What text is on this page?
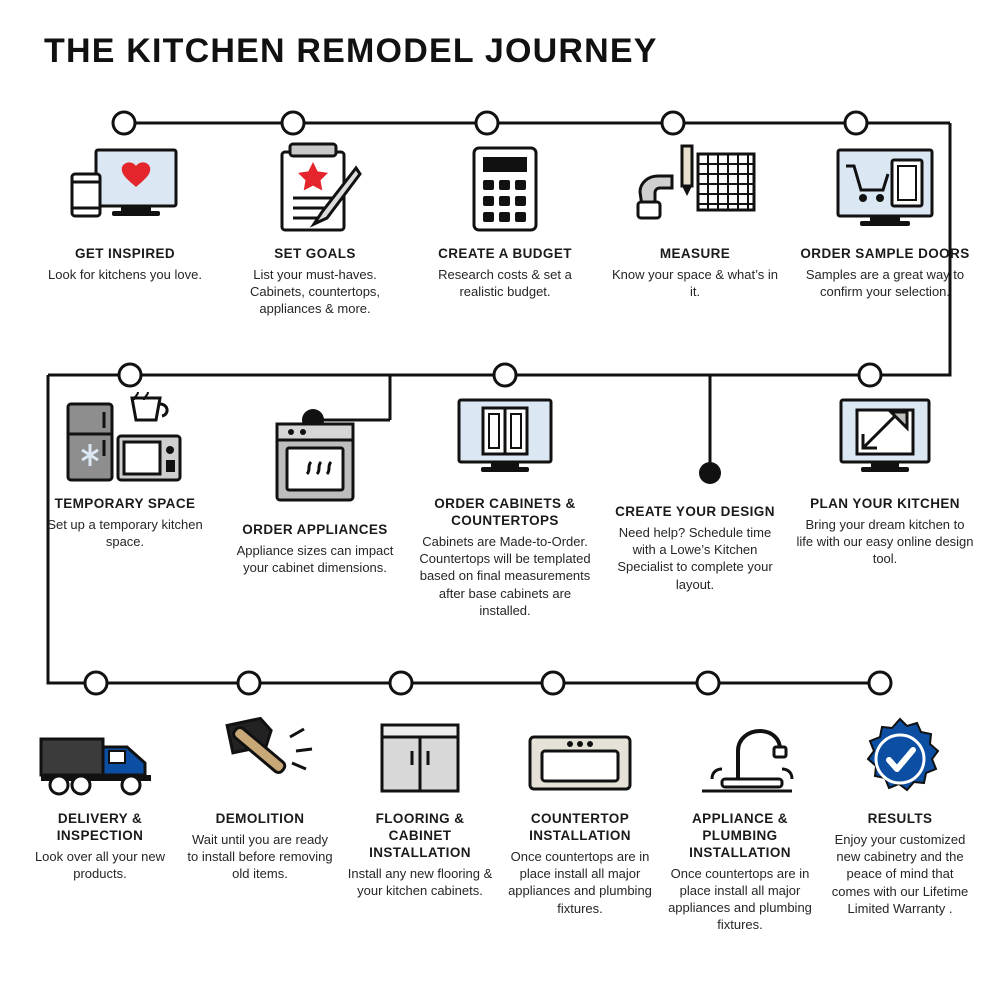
THE KITCHEN REMODEL JOURNEY
GET INSPIRED
Look for kitchens you love.
SET GOALS
List your must-haves. Cabinets, countertops, appliances & more.
CREATE A BUDGET
Research costs & set a realistic budget.
MEASURE
Know your space & what’s in it.
ORDER SAMPLE DOORS
Samples are a great way to confirm your selection.
TEMPORARY SPACE
Set up a temporary kitchen space.
ORDER APPLIANCES
Appliance sizes can impact your cabinet dimensions.
ORDER CABINETS & COUNTERTOPS
Cabinets are Made-to-Order. Countertops will be templated based on final measurements after base cabinets are installed.
CREATE YOUR DESIGN
Need help? Schedule time with a Lowe’s Kitchen Specialist to complete your layout.
PLAN YOUR KITCHEN
Bring your dream kitchen to life with our easy online design tool.
DELIVERY & INSPECTION
Look over all your new products.
DEMOLITION
Wait until you are ready to install before removing old items.
FLOORING & CABINET INSTALLATION
Install any new flooring & your kitchen cabinets.
COUNTERTOP INSTALLATION
Once countertops are in place install all major appliances and plumbing fixtures.
APPLIANCE & PLUMBING INSTALLATION
Once countertops are in place install all major appliances and plumbing fixtures.
RESULTS
Enjoy your customized new cabinetry and the peace of mind that comes with our Lifetime Limited Warranty .
